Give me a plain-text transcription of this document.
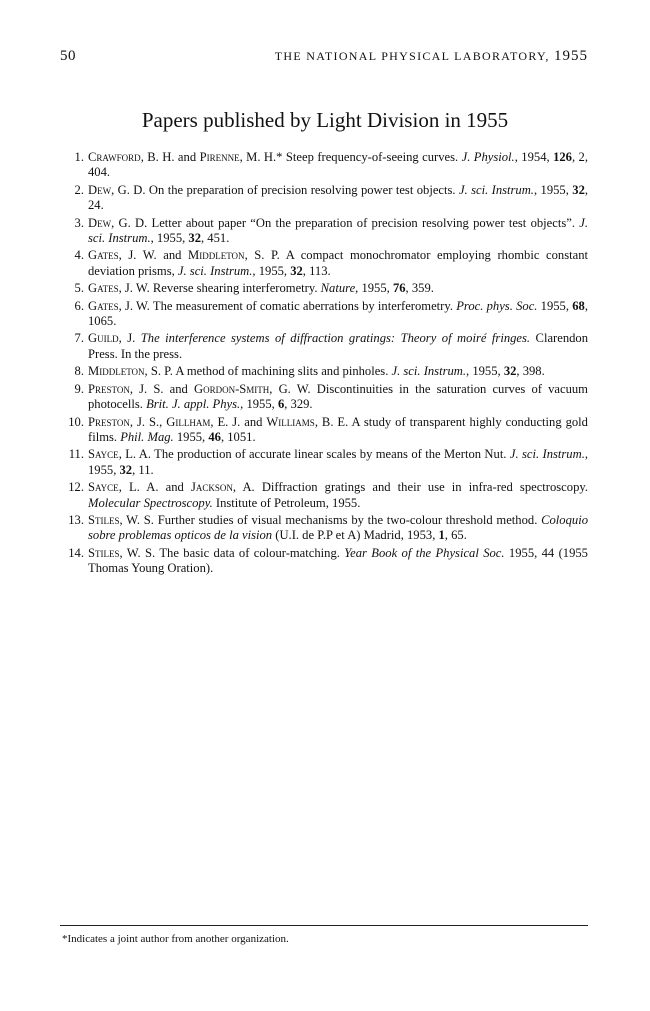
50	THE NATIONAL PHYSICAL LABORATORY, 1955
Papers published by Light Division in 1955
1. Crawford, B. H. and Pirenne, M. H.* Steep frequency-of-seeing curves. J. Physiol., 1954, 126, 2, 404.
2. Dew, G. D. On the preparation of precision resolving power test objects. J. sci. Instrum., 1955, 32, 24.
3. Dew, G. D. Letter about paper “On the preparation of precision resolving power test objects”. J. sci. Instrum., 1955, 32, 451.
4. Gates, J. W. and Middleton, S. P. A compact monochromator employing rhombic constant deviation prisms, J. sci. Instrum., 1955, 32, 113.
5. Gates, J. W. Reverse shearing interferometry. Nature, 1955, 76, 359.
6. Gates, J. W. The measurement of comatic aberrations by interferometry. Proc. phys. Soc. 1955, 68, 1065.
7. Guild, J. The interference systems of diffraction gratings: Theory of moiré fringes. Clarendon Press. In the press.
8. Middleton, S. P. A method of machining slits and pinholes. J. sci. Instrum., 1955, 32, 398.
9. Preston, J. S. and Gordon-Smith, G. W. Discontinuities in the saturation curves of vacuum photocells. Brit. J. appl. Phys., 1955, 6, 329.
10. Preston, J. S., Gillham, E. J. and Williams, B. E. A study of transparent highly conducting gold films. Phil. Mag. 1955, 46, 1051.
11. Sayce, L. A. The production of accurate linear scales by means of the Merton Nut. J. sci. Instrum., 1955, 32, 11.
12. Sayce, L. A. and Jackson, A. Diffraction gratings and their use in infra-red spectroscopy. Molecular Spectroscopy. Institute of Petroleum, 1955.
13. Stiles, W. S. Further studies of visual mechanisms by the two-colour threshold method. Coloquio sobre problemas opticos de la vision (U.I. de P.P et A) Madrid, 1953, 1, 65.
14. Stiles, W. S. The basic data of colour-matching. Year Book of the Physical Soc. 1955, 44 (1955 Thomas Young Oration).
*Indicates a joint author from another organization.
